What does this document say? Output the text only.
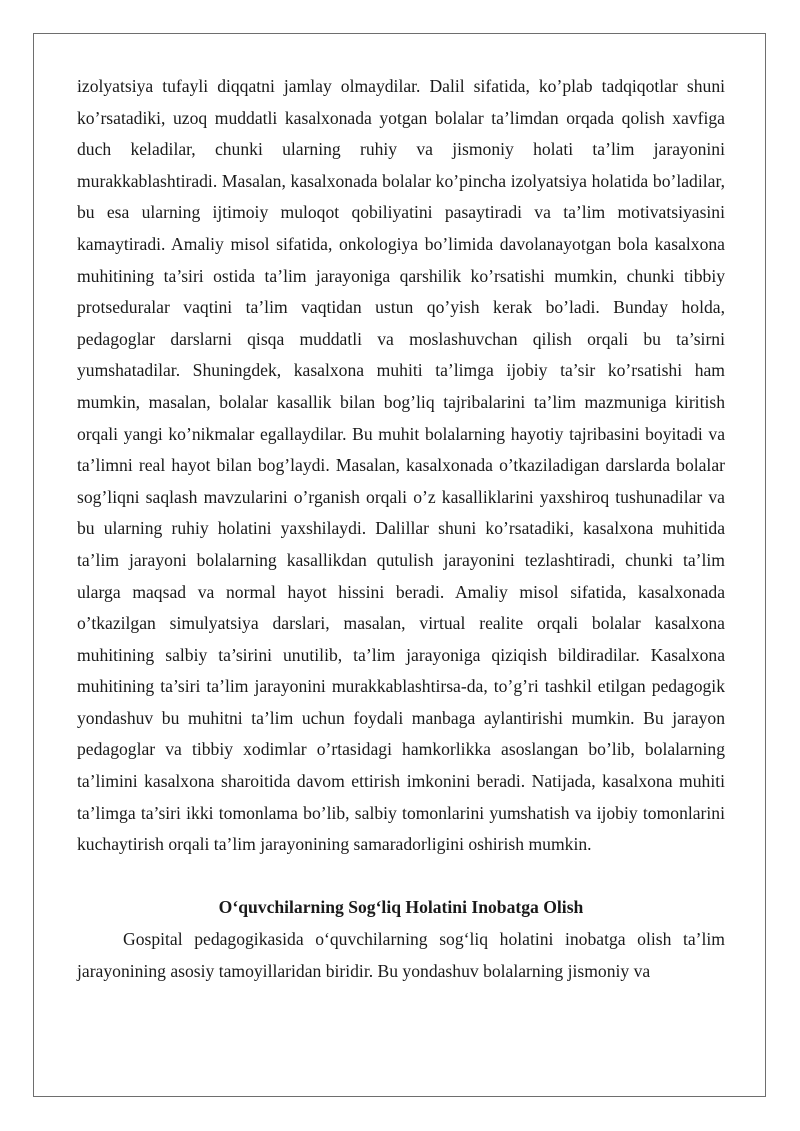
izolyatsiya tufayli diqqatni jamlay olmaydilar. Dalil sifatida, ko’plab tadqiqotlar shuni ko’rsatadiki, uzoq muddatli kasalxonada yotgan bolalar ta’limdan orqada qolish xavfiga duch keladilar, chunki ularning ruhiy va jismoniy holati ta’lim jarayonini murakkablashtiradi. Masalan, kasalxonada bolalar ko’pincha izolyatsiya holatida bo’ladilar, bu esa ularning ijtimoiy muloqot qobiliyatini pasaytiradi va ta’lim motivatsiyasini kamaytiradi. Amaliy misol sifatida, onkologiya bo’limida davolanayotgan bola kasalxona muhitining ta’siri ostida ta’lim jarayoniga qarshilik ko’rsatishi mumkin, chunki tibbiy protseduralar vaqtini ta’lim vaqtidan ustun qo’yish kerak bo’ladi. Bunday holda, pedagoglar darslarni qisqa muddatli va moslashuvchan qilish orqali bu ta’sirni yumshatadilar. Shuningdek, kasalxona muhiti ta’limga ijobiy ta’sir ko’rsatishi ham mumkin, masalan, bolalar kasallik bilan bog’liq tajribalarini ta’lim mazmuniga kiritish orqali yangi ko’nikmalar egallaydilar. Bu muhit bolalarning hayotiy tajribasini boyitadi va ta’limni real hayot bilan bog’laydi. Masalan, kasalxonada o’tkaziladigan darslarda bolalar sog’liqni saqlash mavzularini o’rganish orqali o’z kasalliklarini yaxshiroq tushunadilar va bu ularning ruhiy holatini yaxshilaydi. Dalillar shuni ko’rsatadiki, kasalxona muhitida ta’lim jarayoni bolalarning kasallikdan qutulish jarayonini tezlashtiradi, chunki ta’lim ularga maqsad va normal hayot hissini beradi. Amaliy misol sifatida, kasalxonada o’tkazilgan simulyatsiya darslari, masalan, virtual realite orqali bolalar kasalxona muhitining salbiy ta’sirini unutilib, ta’lim jarayoniga qiziqish bildiradilar. Kasalxona muhitining ta’siri ta’lim jarayonini murakkablashtirsa-da, to’g’ri tashkil etilgan pedagogik yondashuv bu muhitni ta’lim uchun foydali manbaga aylantirishi mumkin. Bu jarayon pedagoglar va tibbiy xodimlar o’rtasidagi hamkorlikka asoslangan bo’lib, bolalarning ta’limini kasalxona sharoitida davom ettirish imkonini beradi. Natijada, kasalxona muhiti ta’limga ta’siri ikki tomonlama bo’lib, salbiy tomonlarini yumshatish va ijobiy tomonlarini kuchaytirish orqali ta’lim jarayonining samaradorligini oshirish mumkin.

O‘quvchilarning Sog‘liq Holatini Inobatga Olish

Gospital pedagogikasida o‘quvchilarning sog‘liq holatini inobatga olish ta’lim jarayonining asosiy tamoyillaridan biridir. Bu yondashuv bolalarning jismoniy va
